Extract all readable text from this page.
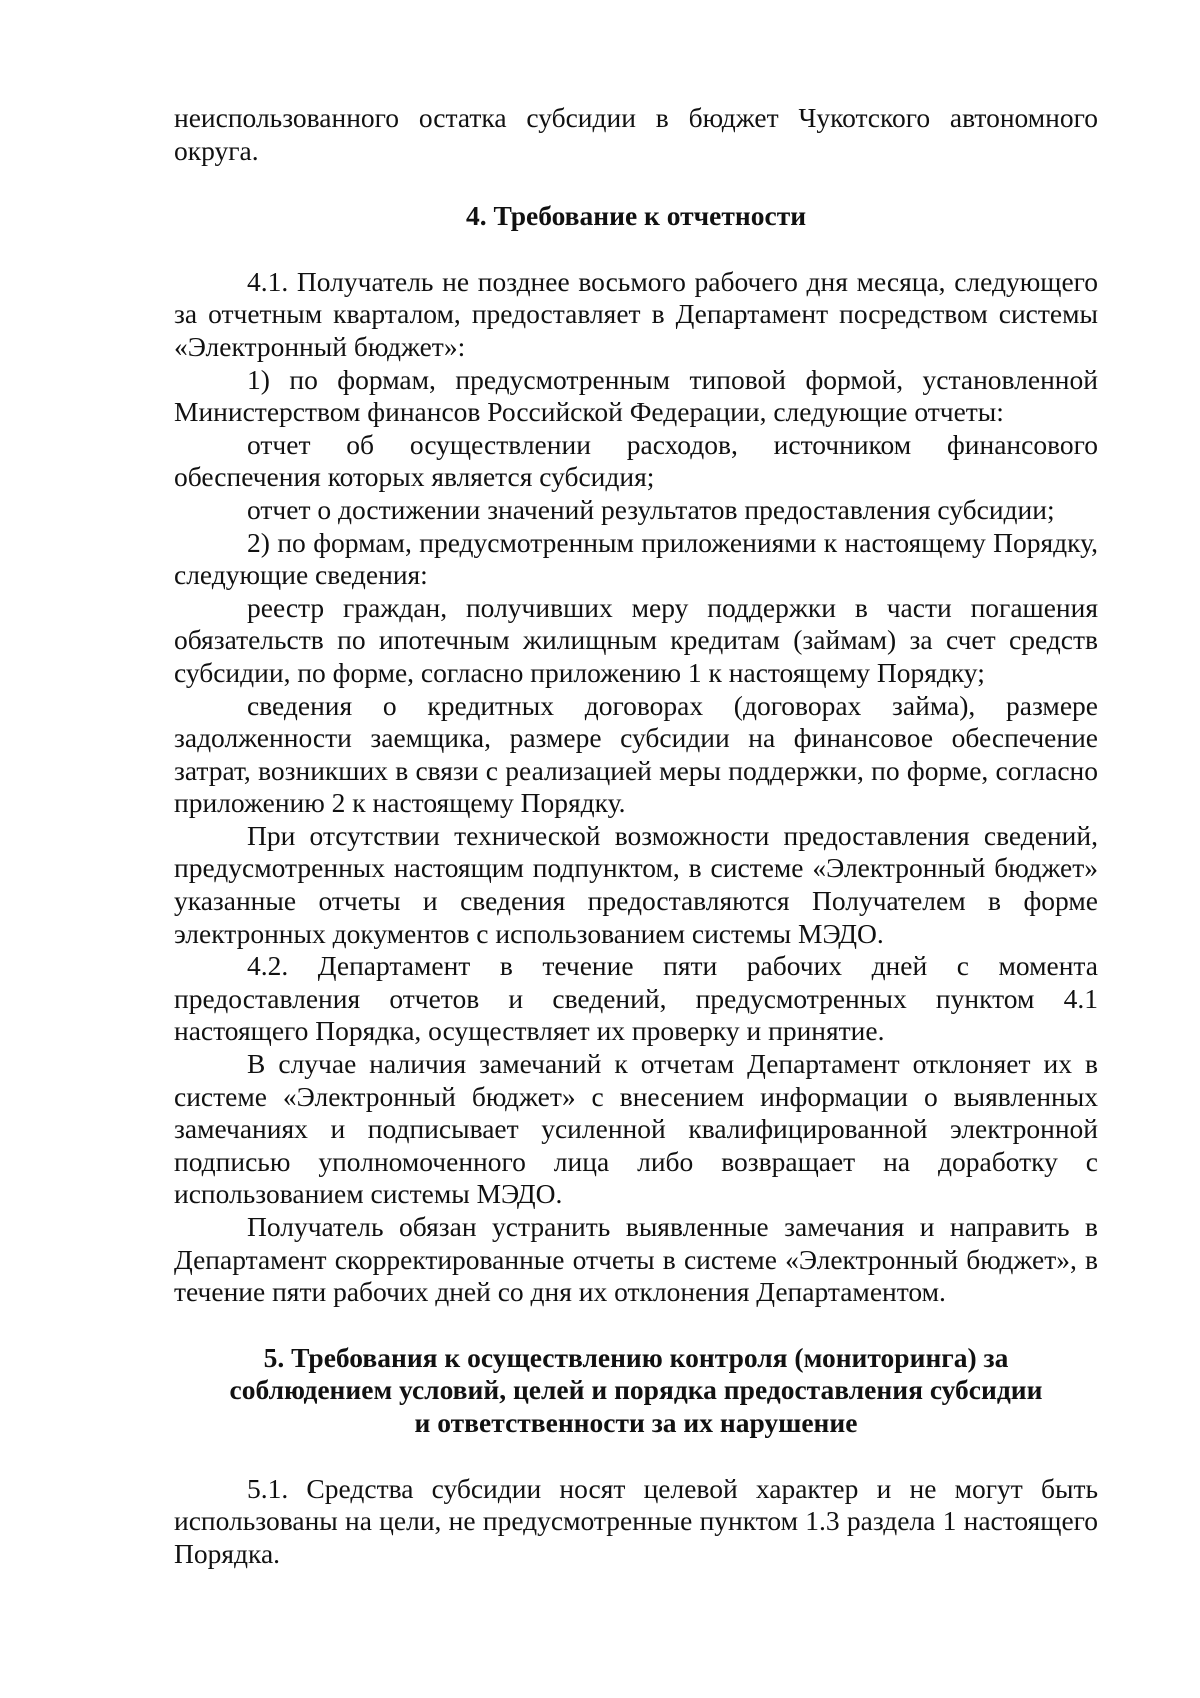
неиспользованного остатка субсидии в бюджет Чукотского автономного округа.

4. Требование к отчетности

4.1. Получатель не позднее восьмого рабочего дня месяца, следующего за отчетным кварталом, предоставляет в Департамент посредством системы «Электронный бюджет»:

1) по формам, предусмотренным типовой формой, установленной Министерством финансов Российской Федерации, следующие отчеты:

отчет об осуществлении расходов, источником финансового обеспечения которых является субсидия;

отчет о достижении значений результатов предоставления субсидии;

2) по формам, предусмотренным приложениями к настоящему Порядку, следующие сведения:

реестр граждан, получивших меру поддержки в части погашения обязательств по ипотечным жилищным кредитам (займам) за счет средств субсидии, по форме, согласно приложению 1 к настоящему Порядку;

сведения о кредитных договорах (договорах займа), размере задолженности заемщика, размере субсидии на финансовое обеспечение затрат, возникших в связи с реализацией меры поддержки, по форме, согласно приложению 2 к настоящему Порядку.

При отсутствии технической возможности предоставления сведений, предусмотренных настоящим подпунктом, в системе «Электронный бюджет» указанные отчеты и сведения предоставляются Получателем в форме электронных документов с использованием системы МЭДО.

4.2. Департамент в течение пяти рабочих дней с момента предоставления отчетов и сведений, предусмотренных пунктом 4.1 настоящего Порядка, осуществляет их проверку и принятие.

В случае наличия замечаний к отчетам Департамент отклоняет их в системе «Электронный бюджет» с внесением информации о выявленных замечаниях и подписывает усиленной квалифицированной электронной подписью уполномоченного лица либо возвращает на доработку с использованием системы МЭДО.

Получатель обязан устранить выявленные замечания и направить в Департамент скорректированные отчеты в системе «Электронный бюджет», в течение пяти рабочих дней со дня их отклонения Департаментом.

5. Требования к осуществлению контроля (мониторинга) за
соблюдением условий, целей и порядка предоставления субсидии
и ответственности за их нарушение

5.1. Средства субсидии носят целевой характер и не могут быть использованы на цели, не предусмотренные пунктом 1.3 раздела 1 настоящего Порядка.
